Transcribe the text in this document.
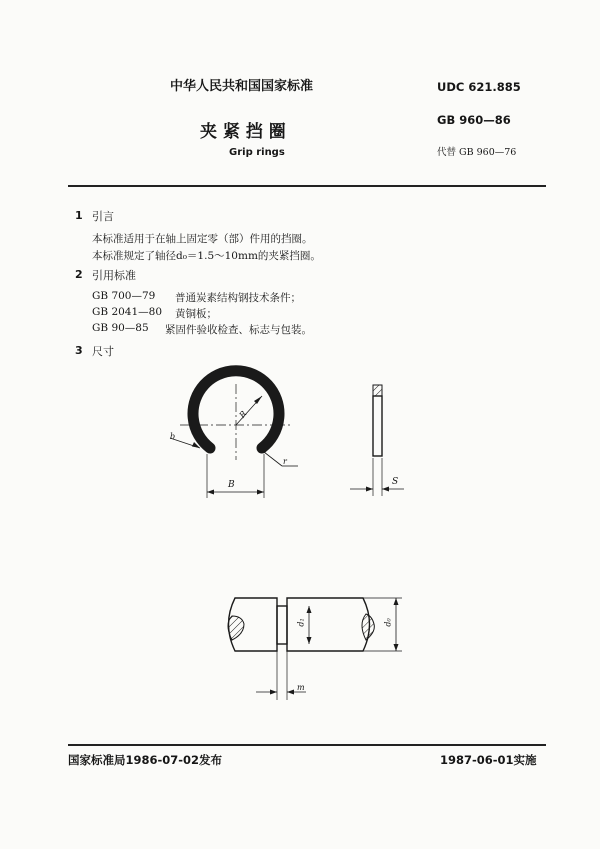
中华人民共和国国家标准	UDC 621.885
GB 960—86
代替 GB 960—76
夹 紧 挡 圈
Grip rings
1 引言
本标准适用于在轴上固定零（部）件用的挡圈。
本标准规定了轴径d₀＝1.5～10mm的夹紧挡圈。
2 引用标准
GB 700—79 普通炭素结构钢技术条件；
GB 2041—80 黄铜板；
GB 90—85 紧固件验收检查、标志与包装。
3 尺寸
R
b
r
B	S
d₁	d₀
m
国家标准局1986-07-02发布	1987-06-01实施
